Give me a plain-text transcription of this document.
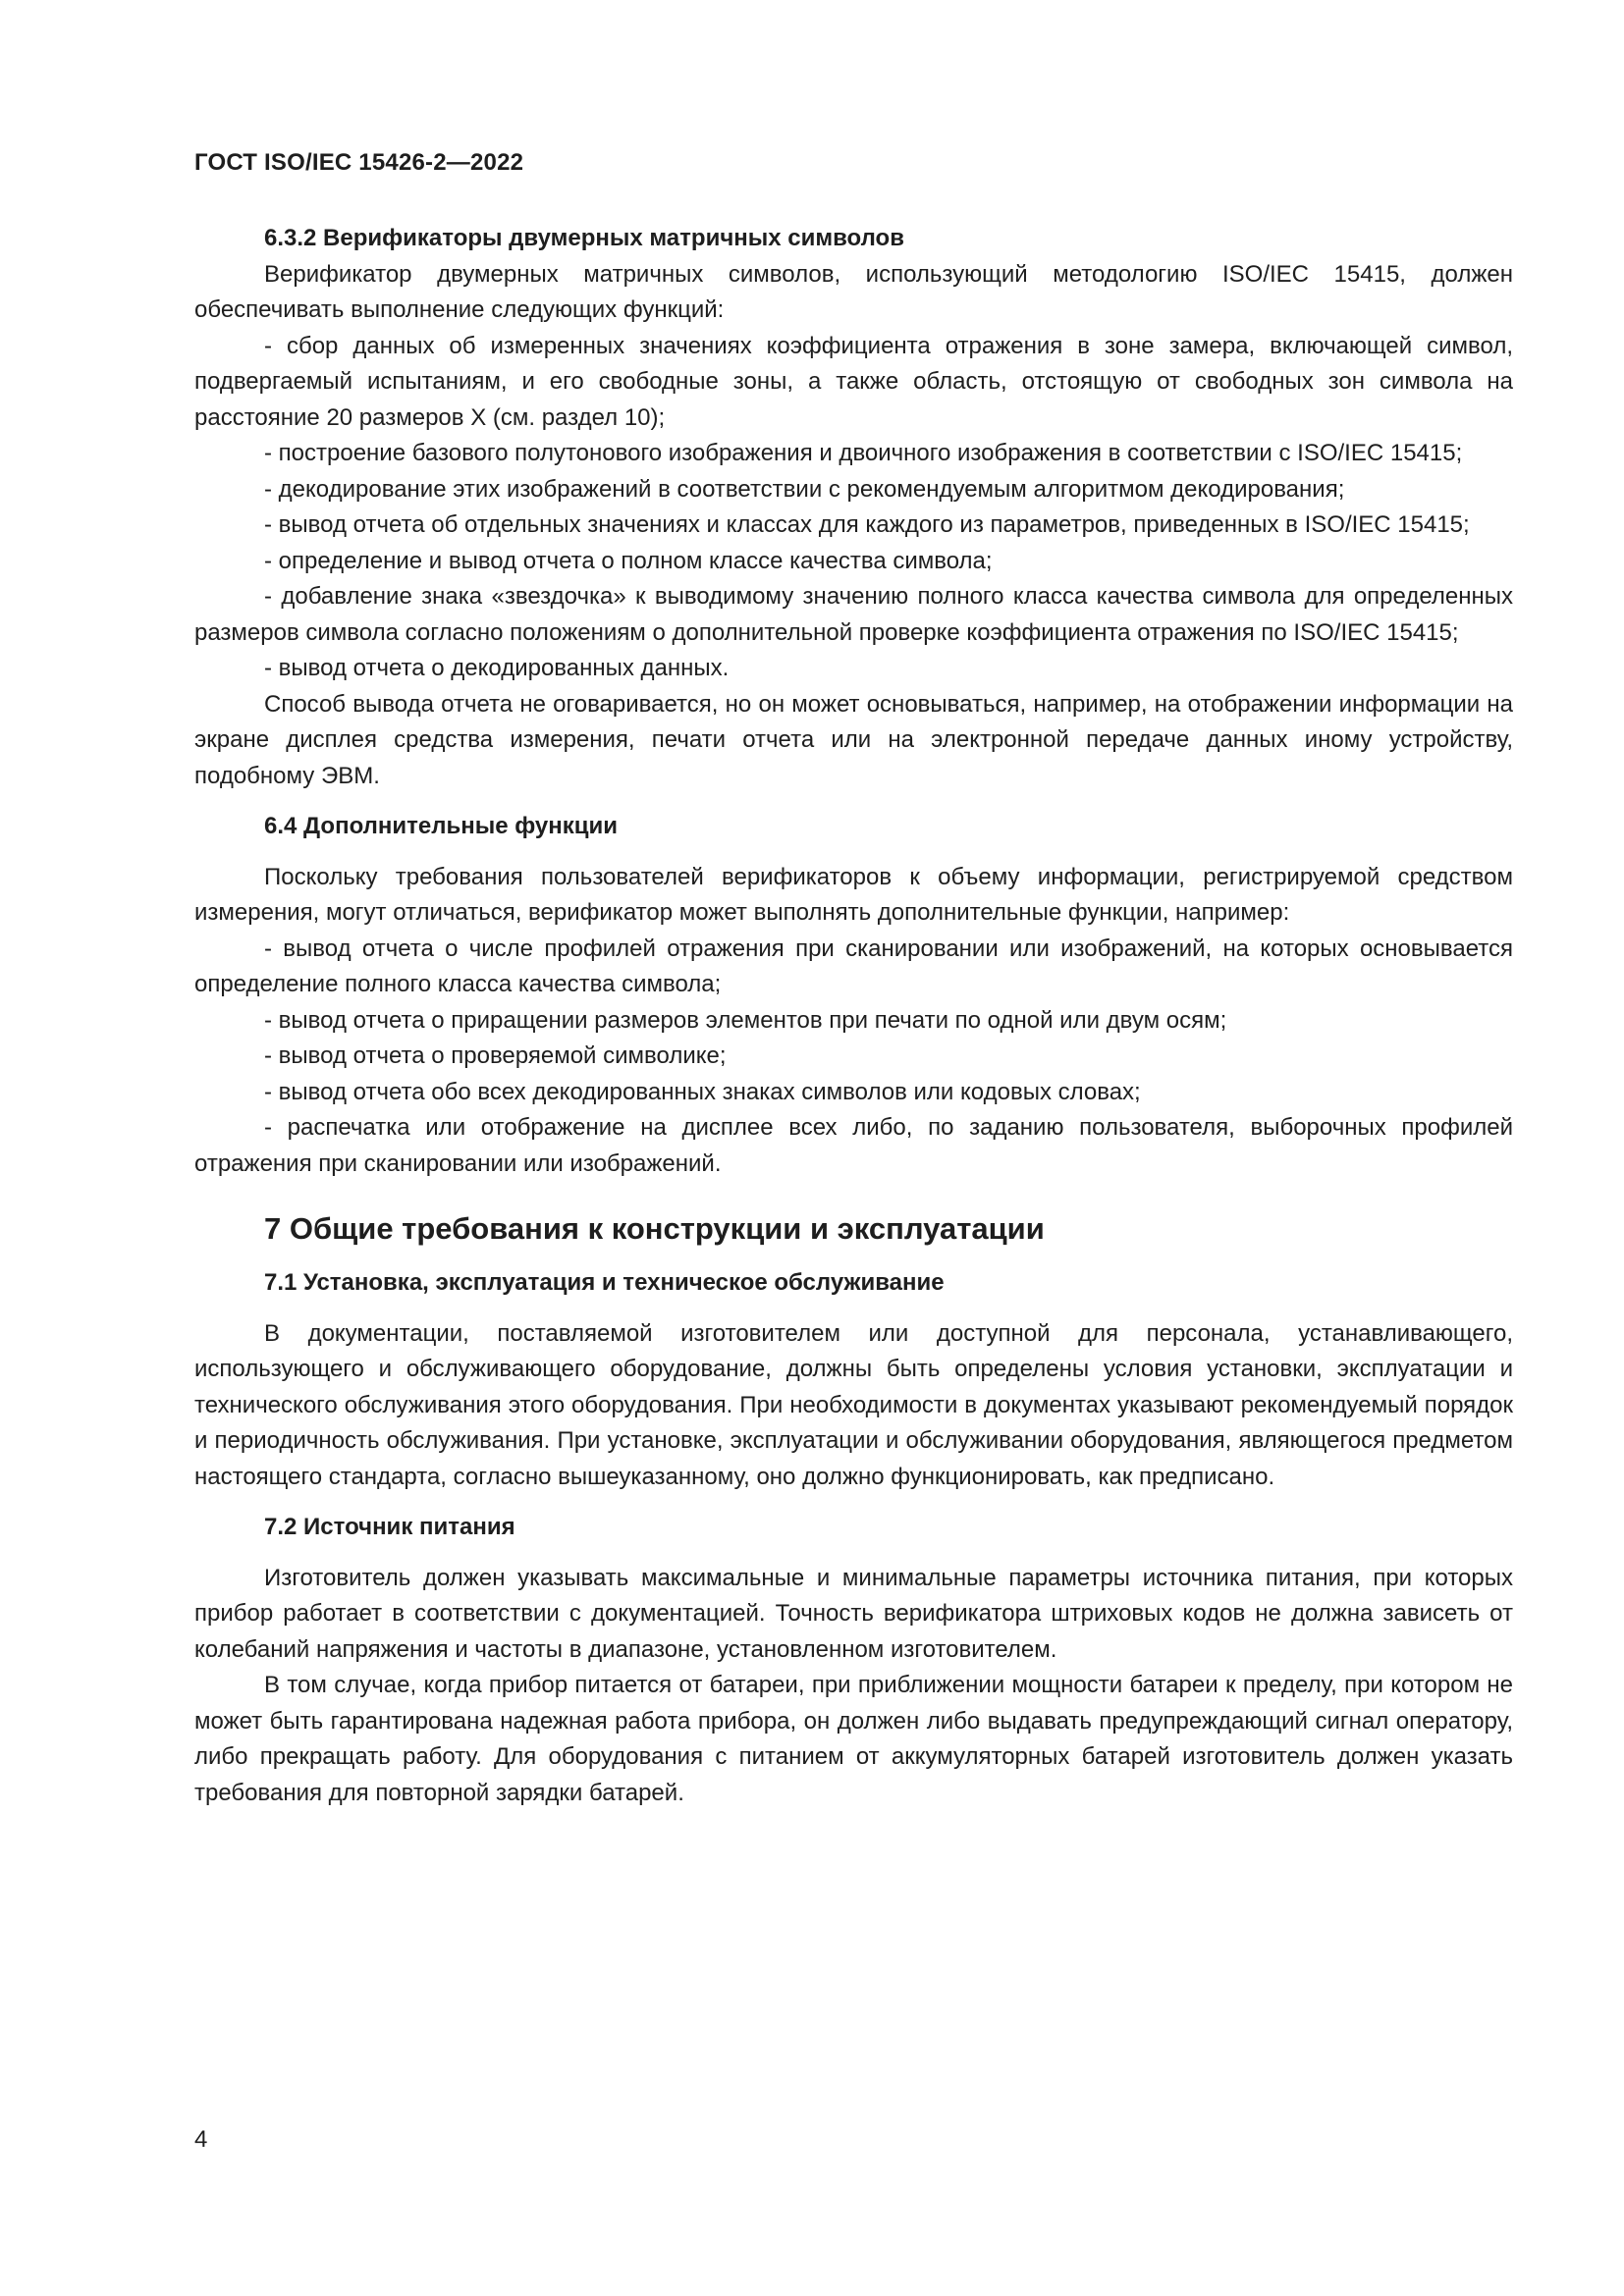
ГОСТ ISO/IEC 15426-2—2022
6.3.2 Верификаторы двумерных матричных символов

Верификатор двумерных матричных символов, использующий методологию ISO/IEC 15415, должен обеспечивать выполнение следующих функций:

- сбор данных об измеренных значениях коэффициента отражения в зоне замера, включающей символ, подвергаемый испытаниям, и его свободные зоны, а также область, отстоящую от свободных зон символа на расстояние 20 размеров X (см. раздел 10);

- построение базового полутонового изображения и двоичного изображения в соответствии с ISO/IEC 15415;

- декодирование этих изображений в соответствии с рекомендуемым алгоритмом декодирования;

- вывод отчета об отдельных значениях и классах для каждого из параметров, приведенных в ISO/IEC 15415;

- определение и вывод отчета о полном классе качества символа;

- добавление знака «звездочка» к выводимому значению полного класса качества символа для определенных размеров символа согласно положениям о дополнительной проверке коэффициента отражения по ISO/IEC 15415;

- вывод отчета о декодированных данных.

Способ вывода отчета не оговаривается, но он может основываться, например, на отображении информации на экране дисплея средства измерения, печати отчета или на электронной передаче данных иному устройству, подобному ЭВМ.

6.4 Дополнительные функции

Поскольку требования пользователей верификаторов к объему информации, регистрируемой средством измерения, могут отличаться, верификатор может выполнять дополнительные функции, например:

- вывод отчета о числе профилей отражения при сканировании или изображений, на которых основывается определение полного класса качества символа;

- вывод отчета о приращении размеров элементов при печати по одной или двум осям;

- вывод отчета о проверяемой символике;

- вывод отчета обо всех декодированных знаках символов или кодовых словах;

- распечатка или отображение на дисплее всех либо, по заданию пользователя, выборочных профилей отражения при сканировании или изображений.

7 Общие требования к конструкции и эксплуатации
7.1 Установка, эксплуатация и техническое обслуживание

В документации, поставляемой изготовителем или доступной для персонала, устанавливающего, использующего и обслуживающего оборудование, должны быть определены условия установки, эксплуатации и технического обслуживания этого оборудования. При необходимости в документах указывают рекомендуемый порядок и периодичность обслуживания. При установке, эксплуатации и обслуживании оборудования, являющегося предметом настоящего стандарта, согласно вышеуказанному, оно должно функционировать, как предписано.

7.2 Источник питания

Изготовитель должен указывать максимальные и минимальные параметры источника питания, при которых прибор работает в соответствии с документацией. Точность верификатора штриховых кодов не должна зависеть от колебаний напряжения и частоты в диапазоне, установленном изготовителем.

В том случае, когда прибор питается от батареи, при приближении мощности батареи к пределу, при котором не может быть гарантирована надежная работа прибора, он должен либо выдавать предупреждающий сигнал оператору, либо прекращать работу. Для оборудования с питанием от аккумуляторных батарей изготовитель должен указать требования для повторной зарядки батарей.

4
